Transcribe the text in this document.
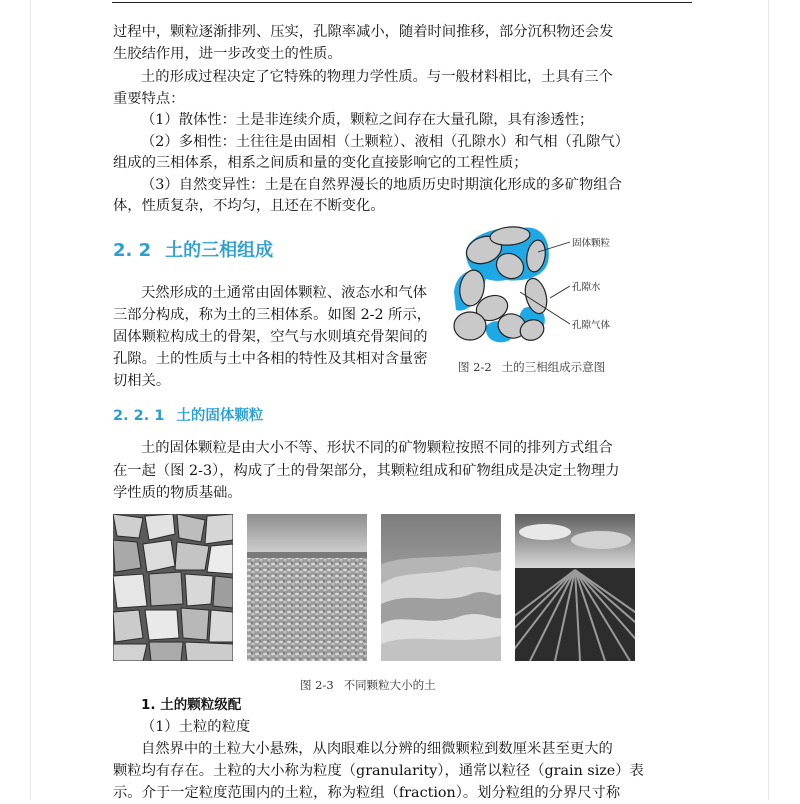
过程中，颗粒逐渐排列、压实，孔隙率减小，随着时间推移，部分沉积物还会发
生胶结作用，进一步改变土的性质。
土的形成过程决定了它特殊的物理力学性质。与一般材料相比，土具有三个
重要特点：
（1）散体性：土是非连续介质，颗粒之间存在大量孔隙，具有渗透性；
（2）多相性：土往往是由固相（土颗粒）、液相（孔隙水）和气相（孔隙气）
组成的三相体系，相系之间质和量的变化直接影响它的工程性质；
（3）自然变异性：土是在自然界漫长的地质历史时期演化形成的多矿物组合
体，性质复杂，不均匀，且还在不断变化。
2. 2 土的三相组成
天然形成的土通常由固体颗粒、液态水和气体
三部分构成，称为土的三相体系。如图 2-2 所示，
固体颗粒构成土的骨架，空气与水则填充骨架间的
孔隙。土的性质与土中各相的特性及其相对含量密
切相关。
固体颗粒
孔隙水
孔隙气体
图 2-2 土的三相组成示意图
2. 2. 1 土的固体颗粒
土的固体颗粒是由大小不等、形状不同的矿物颗粒按照不同的排列方式组合
在一起（图 2-3），构成了土的骨架部分，其颗粒组成和矿物组成是决定土物理力
学性质的物质基础。
图 2-3 不同颗粒大小的土
1. 土的颗粒级配
（1）土粒的粒度
自然界中的土粒大小悬殊，从肉眼难以分辨的细微颗粒到数厘米甚至更大的
颗粒均有存在。土粒的大小称为粒度（granularity），通常以粒径（grain size）表
示。介于一定粒度范围内的土粒，称为粒组（fraction）。划分粒组的分界尺寸称
